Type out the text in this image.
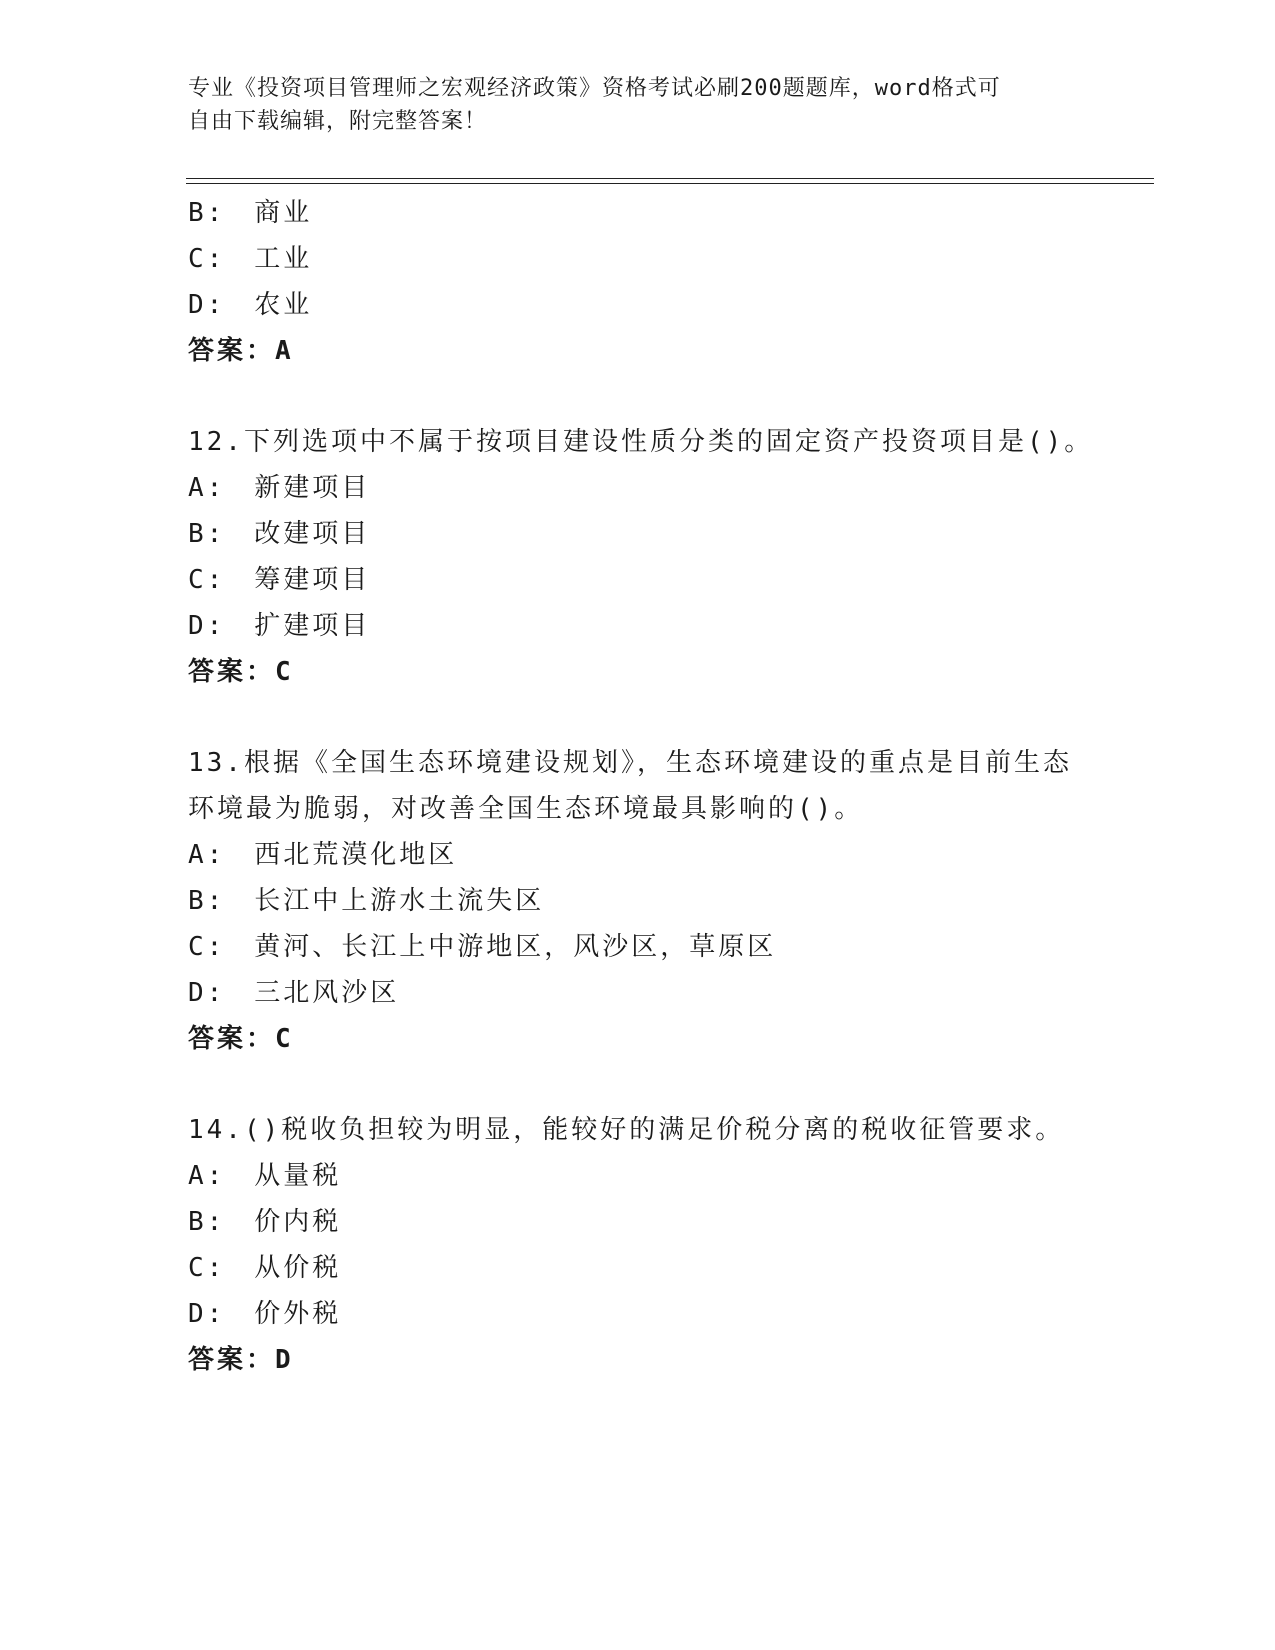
专业《投资项目管理师之宏观经济政策》资格考试必刷200题题库，word格式可
自由下载编辑，附完整答案！
B:　商业
C:　工业
D:　农业
答案：A
12.下列选项中不属于按项目建设性质分类的固定资产投资项目是()。
A:　新建项目
B:　改建项目
C:　筹建项目
D:　扩建项目
答案：C
13.根据《全国生态环境建设规划》，生态环境建设的重点是目前生态
环境最为脆弱，对改善全国生态环境最具影响的()。
A:　西北荒漠化地区
B:　长江中上游水土流失区
C:　黄河、长江上中游地区，风沙区，草原区
D:　三北风沙区
答案：C
14.()税收负担较为明显，能较好的满足价税分离的税收征管要求。
A:　从量税
B:　价内税
C:　从价税
D:　价外税
答案：D
